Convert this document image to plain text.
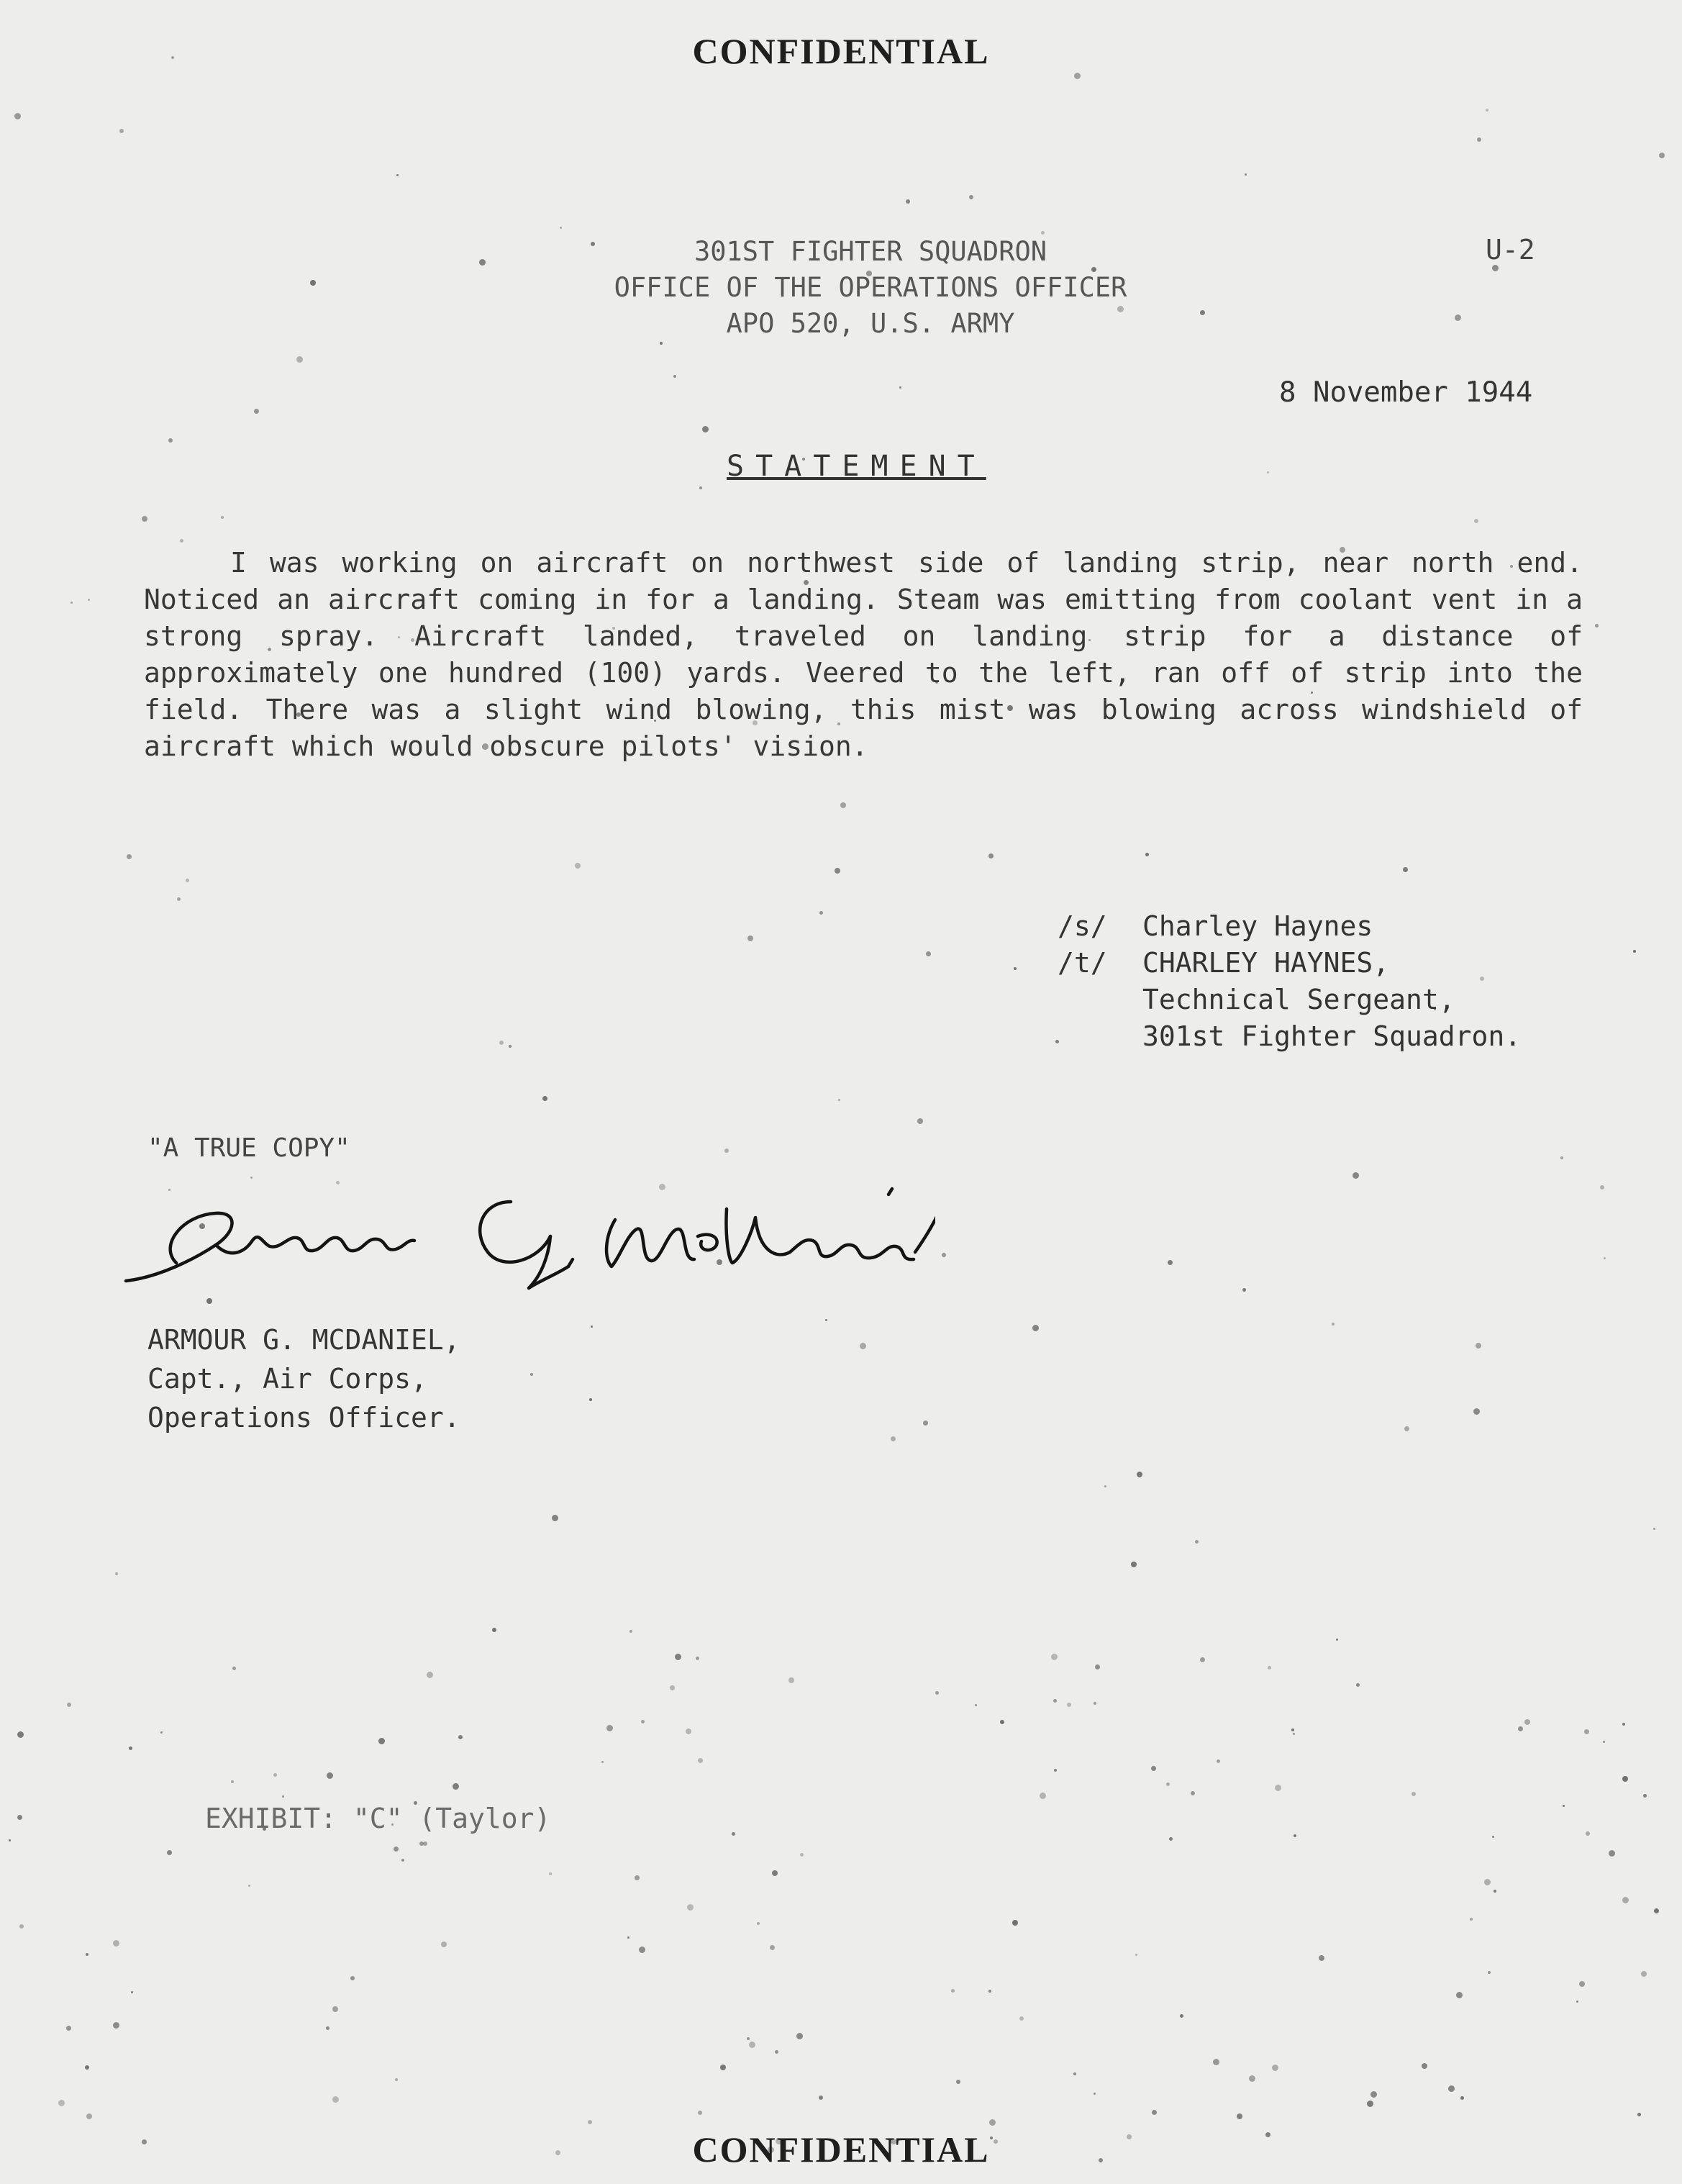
CONFIDENTIAL
301ST FIGHTER SQUADRON
OFFICE OF THE OPERATIONS OFFICER
APO 520, U.S. ARMY
U-2
8 November 1944
STATEMENT
I was working on aircraft on northwest side of landing strip, near north end. Noticed an aircraft coming in for a landing. Steam was emitting from coolant vent in a strong spray. Aircraft landed, traveled on landing strip for a distance of approximately one hundred (100) yards. Veered to the left, ran off of strip into the field. There was a slight wind blowing, this mist was blowing across windshield of aircraft which would obscure pilots' vision.
/s/	Charley Haynes
/t/	CHARLEY HAYNES,
Technical Sergeant,
301st Fighter Squadron.
"A TRUE COPY"
ARMOUR G. MCDANIEL,
Capt., Air Corps,
Operations Officer.
EXHIBIT: "C" (Taylor)
CONFIDENTIAL
